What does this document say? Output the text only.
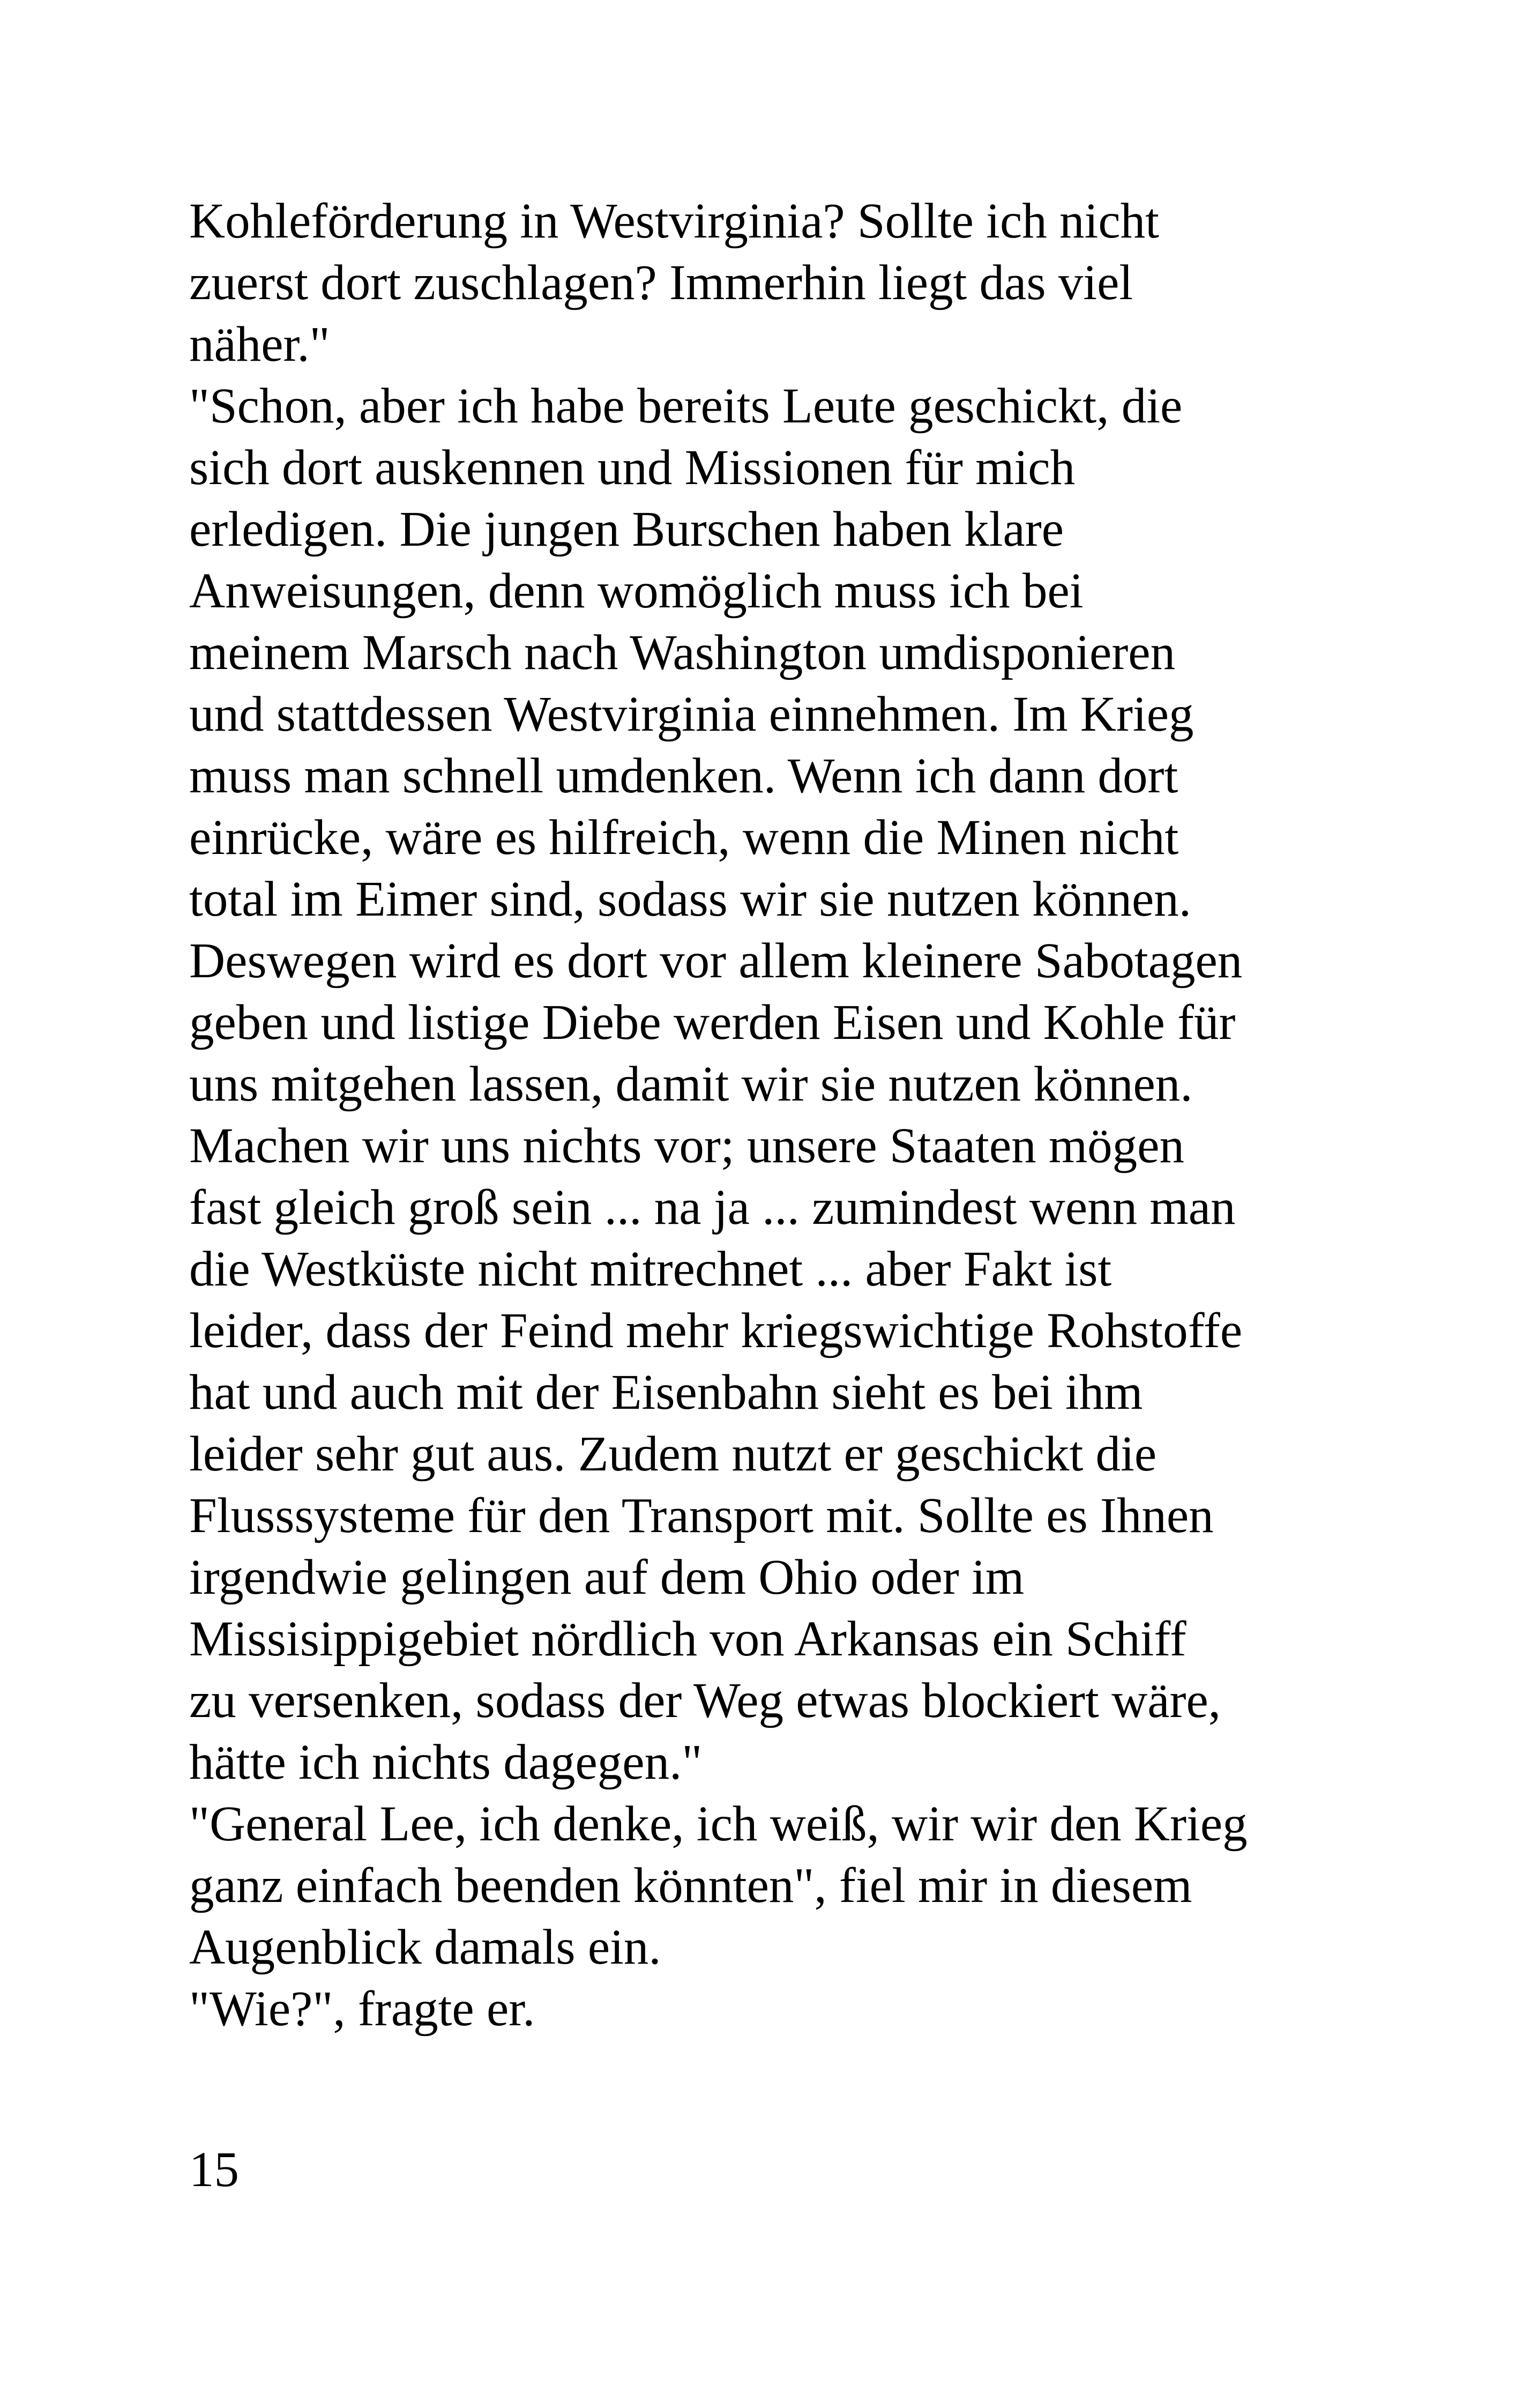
Kohleförderung in Westvirginia? Sollte ich nicht
zuerst dort zuschlagen? Immerhin liegt das viel
näher."
"Schon, aber ich habe bereits Leute geschickt, die
sich dort auskennen und Missionen für mich
erledigen. Die jungen Burschen haben klare
Anweisungen, denn womöglich muss ich bei
meinem Marsch nach Washington umdisponieren
und stattdessen Westvirginia einnehmen. Im Krieg
muss man schnell umdenken. Wenn ich dann dort
einrücke, wäre es hilfreich, wenn die Minen nicht
total im Eimer sind, sodass wir sie nutzen können.
Deswegen wird es dort vor allem kleinere Sabotagen
geben und listige Diebe werden Eisen und Kohle für
uns mitgehen lassen, damit wir sie nutzen können.
Machen wir uns nichts vor; unsere Staaten mögen
fast gleich groß sein ... na ja ... zumindest wenn man
die Westküste nicht mitrechnet ... aber Fakt ist
leider, dass der Feind mehr kriegswichtige Rohstoffe
hat und auch mit der Eisenbahn sieht es bei ihm
leider sehr gut aus. Zudem nutzt er geschickt die
Flusssysteme für den Transport mit. Sollte es Ihnen
irgendwie gelingen auf dem Ohio oder im
Missisippigebiet nördlich von Arkansas ein Schiff
zu versenken, sodass der Weg etwas blockiert wäre,
hätte ich nichts dagegen."
"General Lee, ich denke, ich weiß, wir wir den Krieg
ganz einfach beenden könnten", fiel mir in diesem
Augenblick damals ein.
"Wie?", fragte er.
15
